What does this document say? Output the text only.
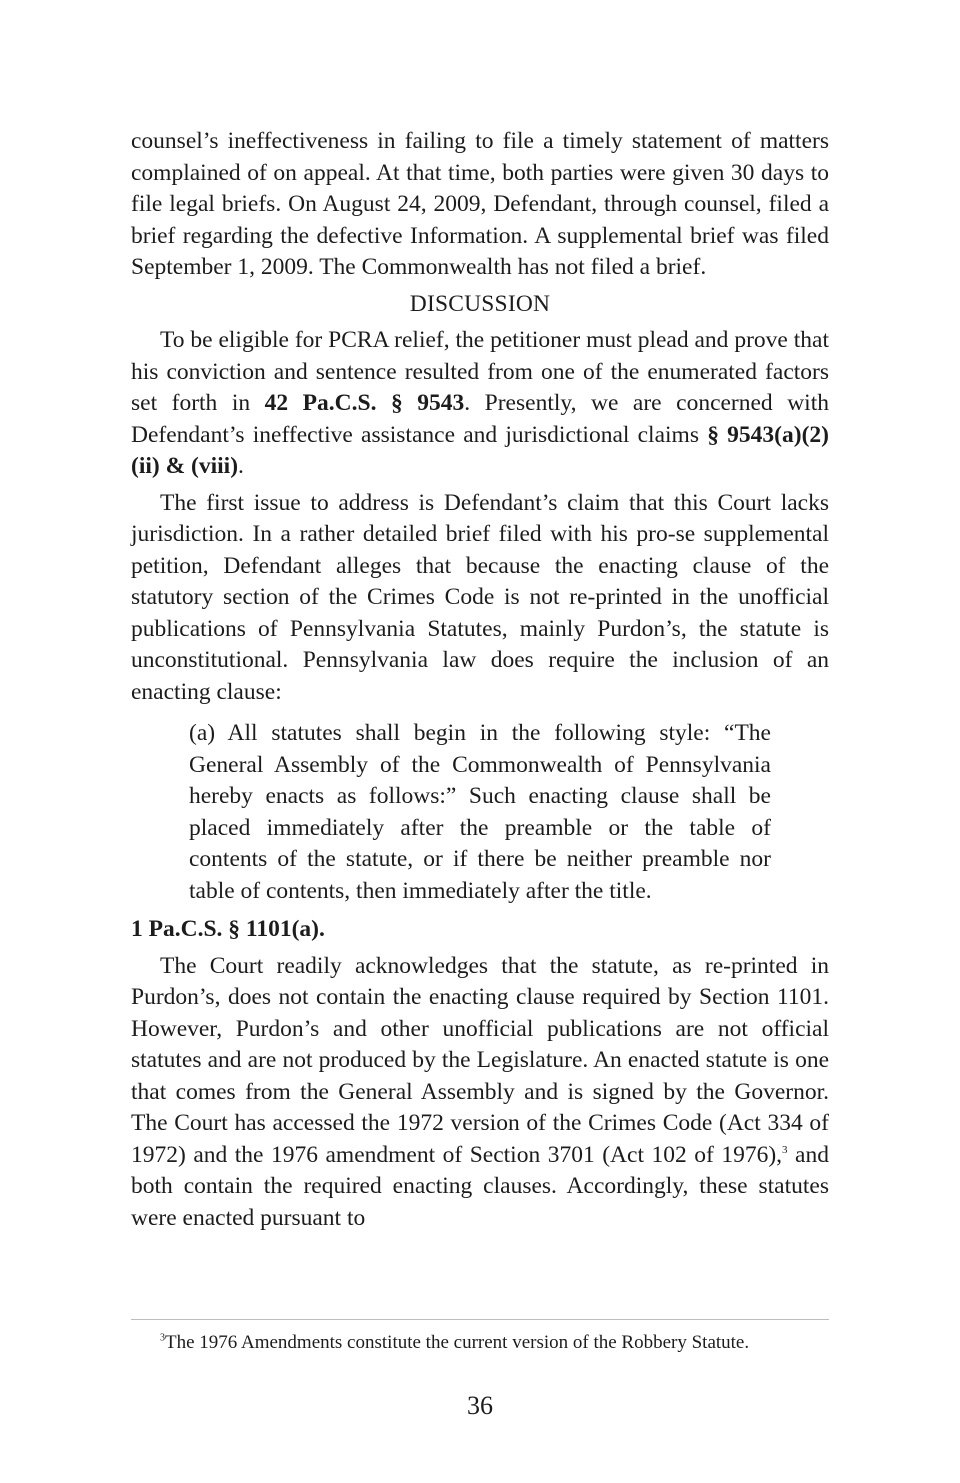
counsel’s ineffectiveness in failing to file a timely statement of matters complained of on appeal. At that time, both parties were given 30 days to file legal briefs. On August 24, 2009, Defendant, through counsel, filed a brief regarding the defective Information. A supplemental brief was filed September 1, 2009. The Commonwealth has not filed a brief.

DISCUSSION

To be eligible for PCRA relief, the petitioner must plead and prove that his conviction and sentence resulted from one of the enumerated factors set forth in 42 Pa.C.S. § 9543. Presently, we are concerned with Defendant’s ineffective assistance and jurisdictional claims § 9543(a)(2)(ii) & (viii).

The first issue to address is Defendant’s claim that this Court lacks jurisdiction. In a rather detailed brief filed with his pro-se supplemental petition, Defendant alleges that because the enacting clause of the statutory section of the Crimes Code is not re-printed in the unofficial publications of Pennsylvania Statutes, mainly Purdon’s, the statute is unconstitutional. Pennsylvania law does require the inclusion of an enacting clause:

(a) All statutes shall begin in the following style: “The General Assembly of the Commonwealth of Pennsylvania hereby enacts as follows:” Such enacting clause shall be placed immediately after the preamble or the table of contents of the statute, or if there be neither preamble nor table of contents, then immediately after the title.

1 Pa.C.S. § 1101(a).

The Court readily acknowledges that the statute, as re-printed in Purdon’s, does not contain the enacting clause required by Section 1101. However, Purdon’s and other unofficial publications are not official statutes and are not produced by the Legislature. An enacted statute is one that comes from the General Assembly and is signed by the Governor. The Court has accessed the 1972 version of the Crimes Code (Act 334 of 1972) and the 1976 amendment of Section 3701 (Act 102 of 1976),$^3$ and both contain the required enacting clauses. Accordingly, these statutes were enacted pursuant to

$^3$The 1976 Amendments constitute the current version of the Robbery Statute.
36
